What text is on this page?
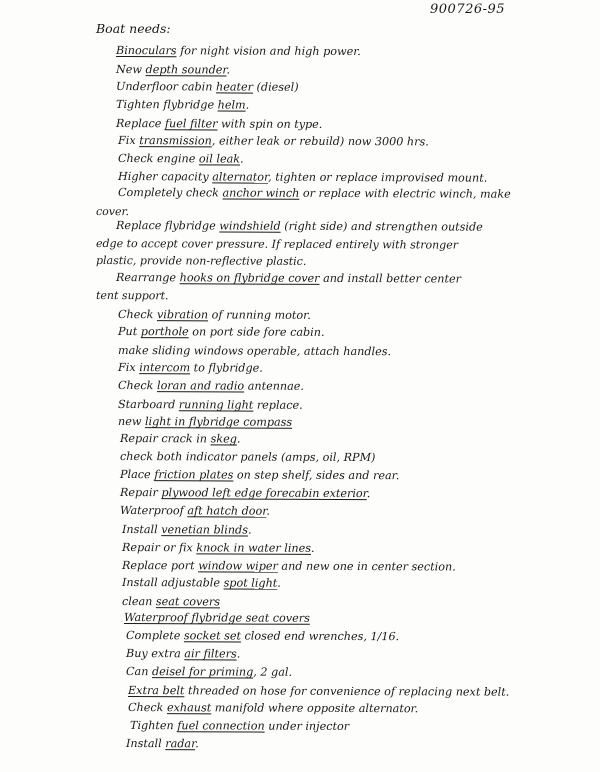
900726-95
Boat needs:
Binoculars for night vision and high power.
New depth sounder.
Underfloor cabin heater (diesel)
Tighten flybridge helm.
Replace fuel filter with spin on type.
Fix transmission, either leak or rebuild) now 3000 hrs.
Check engine oil leak.
Higher capacity alternator, tighten or replace improvised mount.
Completely check anchor winch or replace with electric winch, make
cover.
Replace flybridge windshield (right side) and strengthen outside
edge to accept cover pressure. If replaced entirely with stronger
plastic, provide non-reflective plastic.
Rearrange hooks on flybridge cover and install better center
tent support.
Check vibration of running motor.
Put porthole on port side fore cabin.
make sliding windows operable, attach handles.
Fix intercom to flybridge.
Check loran and radio antennae.
Starboard running light replace.
new light in flybridge compass
Repair crack in skeg.
check both indicator panels (amps, oil, RPM)
Place friction plates on step shelf, sides and rear.
Repair plywood left edge forecabin exterior.
Waterproof aft hatch door.
Install venetian blinds.
Repair or fix knock in water lines.
Replace port window wiper and new one in center section.
Install adjustable spot light.
clean seat covers
Waterproof flybridge seat covers
Complete socket set closed end wrenches, 1/16.
Buy extra air filters.
Can deisel for priming, 2 gal.
Extra belt threaded on hose for convenience of replacing next belt.
Check exhaust manifold where opposite alternator.
Tighten fuel connection under injector
Install radar.
